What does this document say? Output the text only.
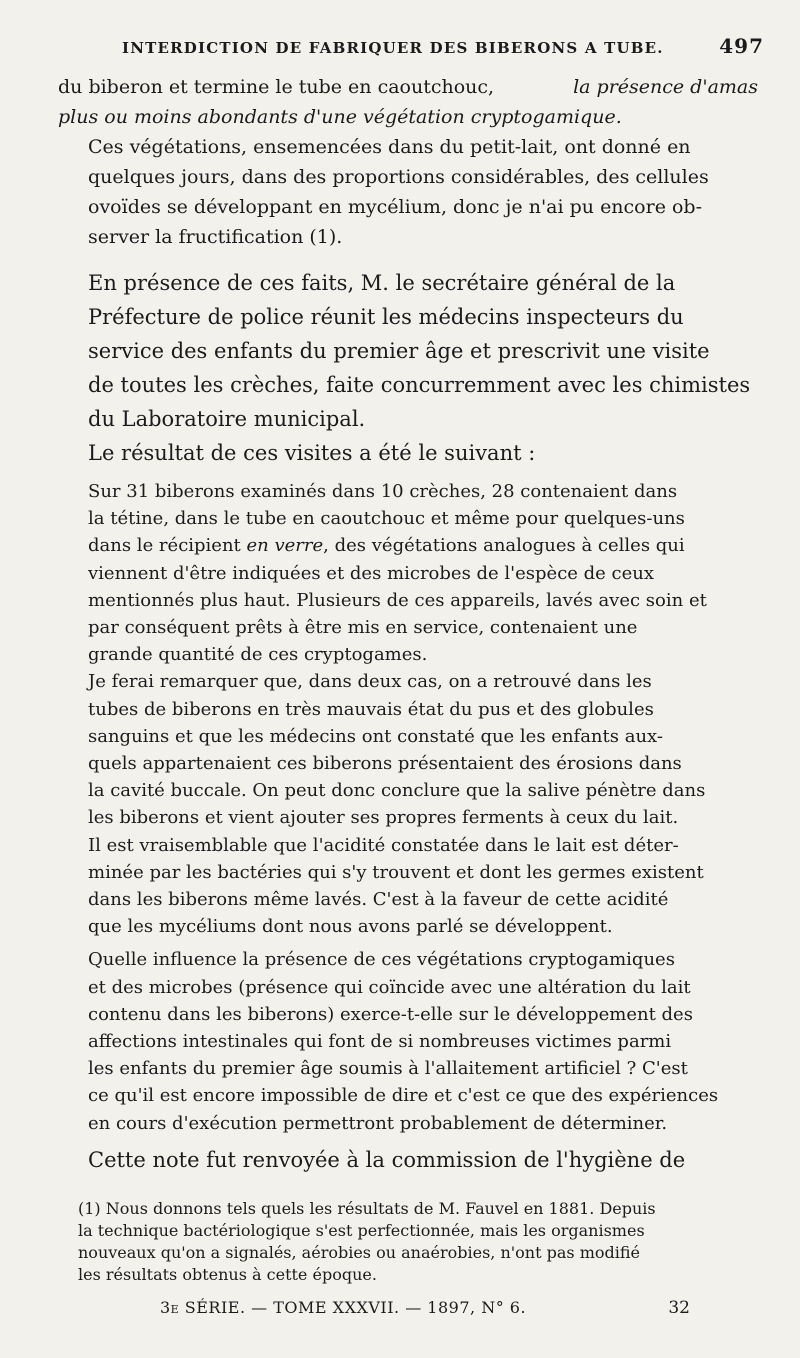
INTERDICTION DE FABRIQUER DES BIBERONS A TUBE.	497
du biberon et termine le tube en caoutchouc,	la présence d'amas
plus ou moins abondants d'une végétation cryptogamique.
Ces végétations, ensemencées dans du petit-lait, ont donné en
quelques jours, dans des proportions considérables, des cellules
ovoïdes se développant en mycélium, donc je n'ai pu encore ob-
server la fructification (1).
En présence de ces faits, M. le secrétaire général de la
Préfecture de police réunit les médecins inspecteurs du
service des enfants du premier âge et prescrivit une visite
de toutes les crèches, faite concurremment avec les chimistes
du Laboratoire municipal.
Le résultat de ces visites a été le suivant :
Sur 31 biberons examinés dans 10 crèches, 28 contenaient dans
la tétine, dans le tube en caoutchouc et même pour quelques-uns
dans le récipient en verre, des végétations analogues à celles qui
viennent d'être indiquées et des microbes de l'espèce de ceux
mentionnés plus haut. Plusieurs de ces appareils, lavés avec soin et
par conséquent prêts à être mis en service, contenaient une
grande quantité de ces cryptogames.
Je ferai remarquer que, dans deux cas, on a retrouvé dans les
tubes de biberons en très mauvais état du pus et des globules
sanguins et que les médecins ont constaté que les enfants aux-
quels appartenaient ces biberons présentaient des érosions dans
la cavité buccale. On peut donc conclure que la salive pénètre dans
les biberons et vient ajouter ses propres ferments à ceux du lait.
Il est vraisemblable que l'acidité constatée dans le lait est déter-
minée par les bactéries qui s'y trouvent et dont les germes existent
dans les biberons même lavés. C'est à la faveur de cette acidité
que les mycéliums dont nous avons parlé se développent.
Quelle influence la présence de ces végétations cryptogamiques
et des microbes (présence qui coïncide avec une altération du lait
contenu dans les biberons) exerce-t-elle sur le développement des
affections intestinales qui font de si nombreuses victimes parmi
les enfants du premier âge soumis à l'allaitement artificiel ? C'est
ce qu'il est encore impossible de dire et c'est ce que des expériences
en cours d'exécution permettront probablement de déterminer.
Cette note fut renvoyée à la commission de l'hygiène de
(1) Nous donnons tels quels les résultats de M. Fauvel en 1881. Depuis
la technique bactériologique s'est perfectionnée, mais les organismes
nouveaux qu'on a signalés, aérobies ou anaérobies, n'ont pas modifié
les résultats obtenus à cette époque.
3e SÉRIE. — TOME XXXVII. — 1897, N° 6.	32
